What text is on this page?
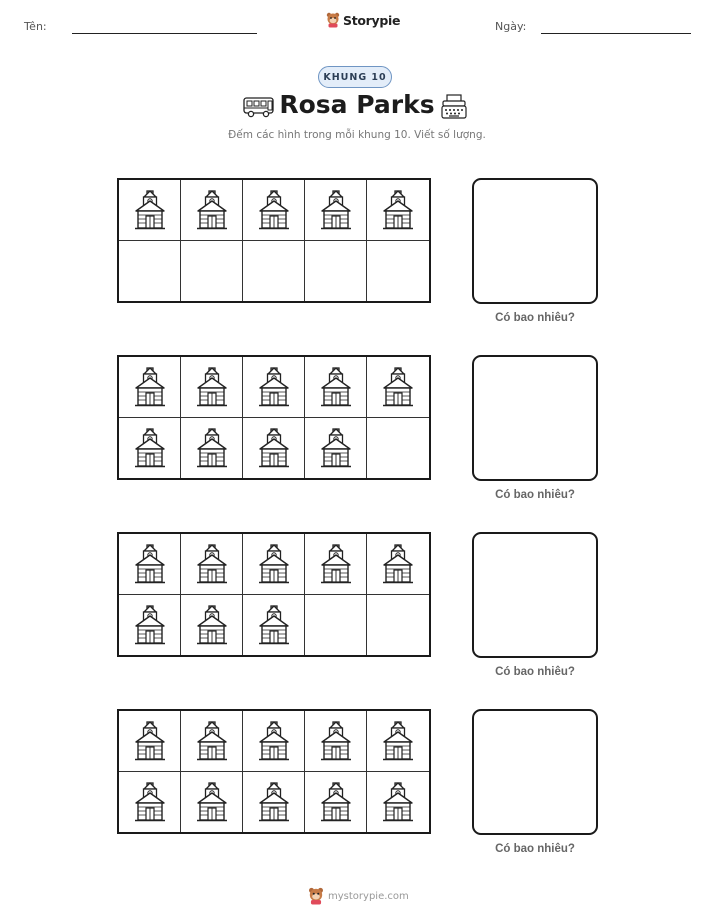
Tên:	Storypie	Ngày:
KHUNG 10
Rosa Parks
Đếm các hình trong mỗi khung 10. Viết số lượng.
Có bao nhiêu?
Có bao nhiêu?
Có bao nhiêu?
Có bao nhiêu?
mystorypie.com
